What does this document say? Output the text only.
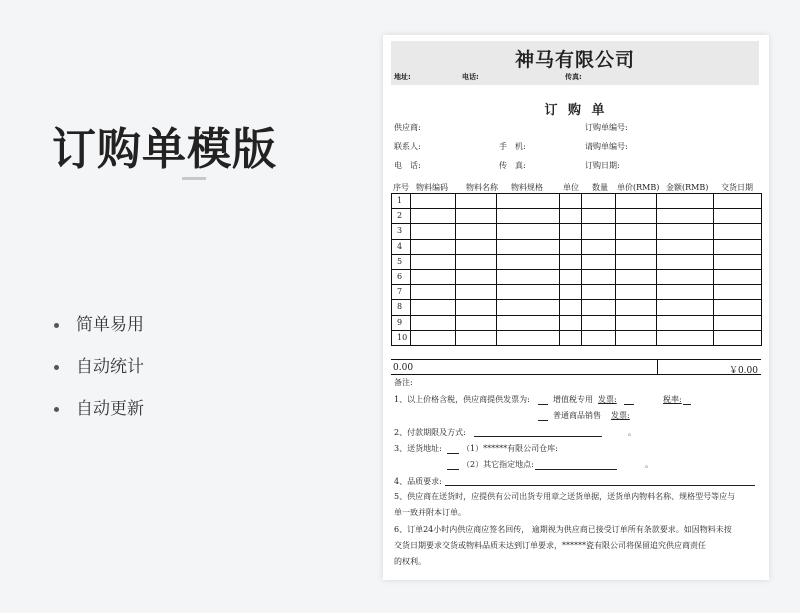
订购单模版
简单易用
自动统计
自动更新
神马有限公司
地址:	电话:	传真:
订 购 单
供应商:	订购单编号:
联系人:	手　机:	请购单编号:
电　话:	传　真:	订购日期:
序号 物料编码 物料名称 物料规格	单位 数量 单价(RMB) 金额(RMB) 交货日期
1								
2								
3								
4								
5								
6								
7								
8								
9								
10								
0.00	￥0.00
备注:
1、以上价格含税，供应商提供发票为:	增值税专用 发票:	税率:
普通商品销售 发票:
2、付款期限及方式:	。
3、送货地址:	（1）******有限公司仓库:
（2）其它指定地点:	。
4、品质要求:
5、供应商在送货时，应提供有公司出货专用章之送货单据，送货单内物料名称、规格型号等应与
单一致并附本订单。
6、订单24小时内供应商应签名回传， 逾期视为供应商已接受订单所有条款要求。如因物料未按
交货日期要求交货或物料品质未达到订单要求，******瓷有限公司将保留追究供应商责任
的权利。
